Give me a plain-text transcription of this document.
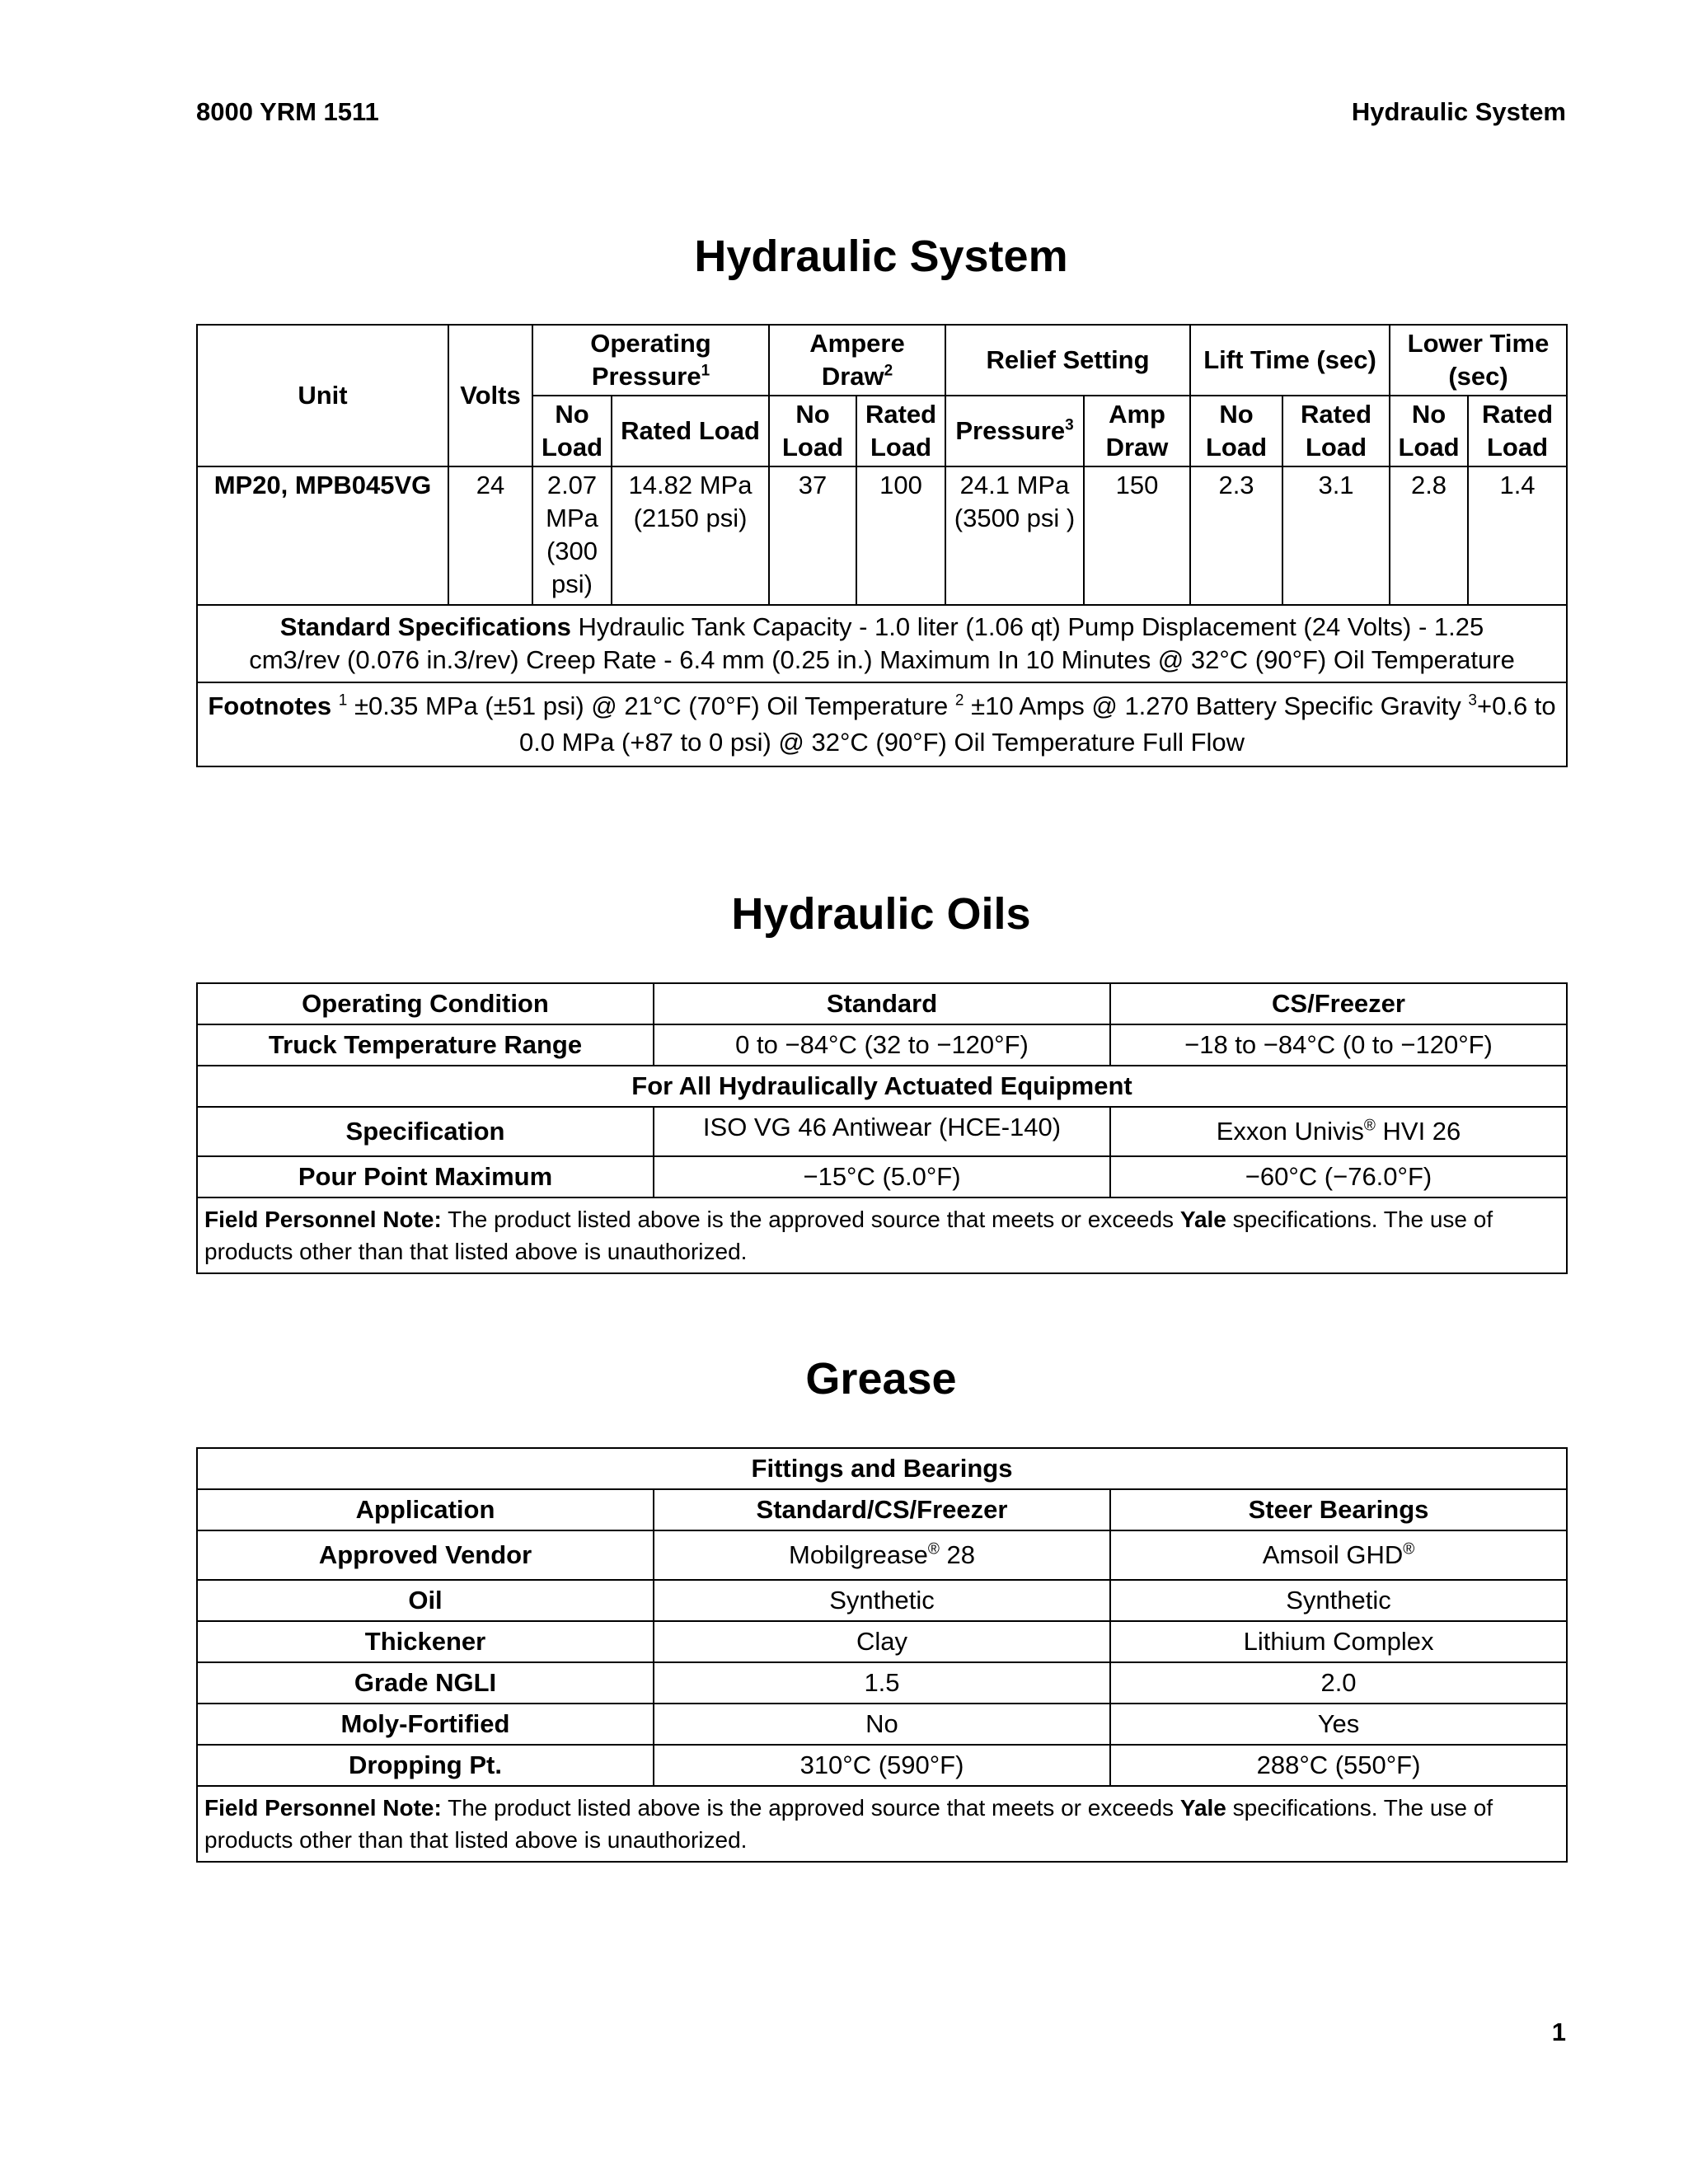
8000 YRM 1511	Hydraulic System
Hydraulic System
Unit	Volts	Operating Pressure$^1$		Ampere Draw$^2$		Relief Setting		Lift Time (sec)		Lower Time (sec)	
		No Load	Rated Load	No Load	Rated Load	Pressure$^3$	Amp Draw	No Load	Rated Load	No Load	Rated Load
MP20, MPB045VG	24	2.07 MPa (300 psi)	14.82 MPa (2150 psi)	37	100	24.1 MPa (3500 psi )	150	2.3	3.1	2.8	1.4
Standard Specifications Hydraulic Tank Capacity - 1.0 liter (1.06 qt) Pump Displacement (24 Volts) - 1.25 cm3/rev (0.076 in.3/rev) Creep Rate - 6.4 mm (0.25 in.) Maximum In 10 Minutes @ 32°C (90°F) Oil Temperature											
Footnotes $^1$ ±0.35 MPa (±51 psi) @ 21°C (70°F) Oil Temperature $^2$ ±10 Amps @ 1.270 Battery Specific Gravity $^3$+0.6 to 0.0 MPa (+87 to 0 psi) @ 32°C (90°F) Oil Temperature Full Flow											
Hydraulic Oils
Operating Condition	Standard	CS/Freezer
Truck Temperature Range	0 to −84°C (32 to −120°F)	−18 to −84°C (0 to −120°F)
For All Hydraulically Actuated Equipment		
Specification	ISO VG 46 Antiwear (HCE-140)	Exxon Univis® HVI 26
Pour Point Maximum	−15°C (5.0°F)	−60°C (−76.0°F)
Field Personnel Note: The product listed above is the approved source that meets or exceeds Yale specifications. The use of products other than that listed above is unauthorized.		
Grease
Fittings and Bearings		
Application	Standard/CS/Freezer	Steer Bearings
Approved Vendor	Mobilgrease® 28	Amsoil GHD®
Oil	Synthetic	Synthetic
Thickener	Clay	Lithium Complex
Grade NGLI	1.5	2.0
Moly-Fortified	No	Yes
Dropping Pt.	310°C (590°F)	288°C (550°F)
Field Personnel Note: The product listed above is the approved source that meets or exceeds Yale specifications. The use of products other than that listed above is unauthorized.		
1
